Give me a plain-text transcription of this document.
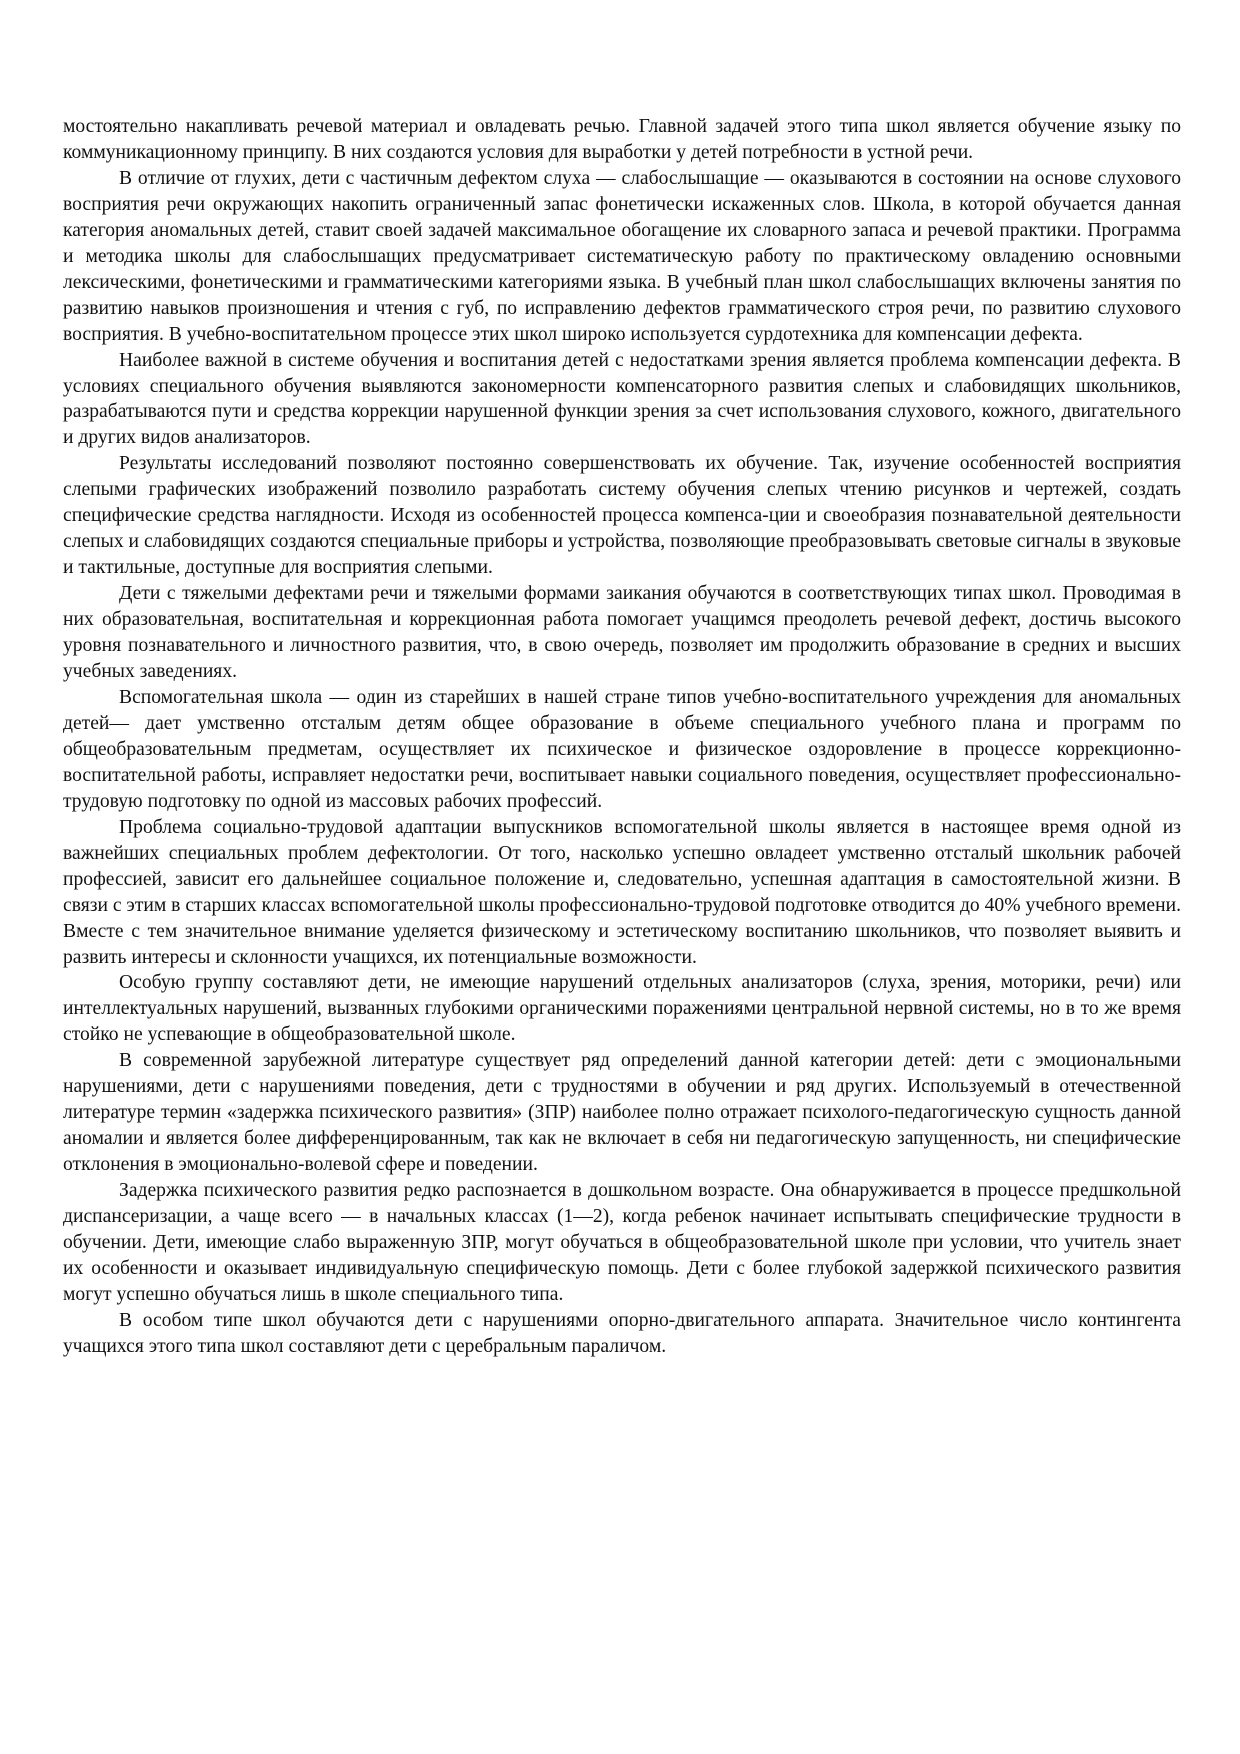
мостоятельно накапливать речевой материал и овладевать речью. Главной задачей этого типа школ является обучение языку по коммуникационному принципу. В них создаются условия для выработки у детей потребности в устной речи.

В отличие от глухих, дети с частичным дефектом слуха — слабослышащие — оказываются в состоянии на основе слухового восприятия речи окружающих накопить ограниченный запас фонетически искаженных слов. Школа, в которой обучается данная категория аномальных детей, ставит своей задачей максимальное обогащение их словарного запаса и речевой практики. Программа и методика школы для слабослышащих предусматривает систематическую работу по практическому овладению основными лексическими, фонетическими и грамматическими категориями языка. В учебный план школ слабослышащих включены занятия по развитию навыков произношения и чтения с губ, по исправлению дефектов грамматического строя речи, по развитию слухового восприятия. В учебно-воспитательном процессе этих школ широко используется сурдотехника для компенсации дефекта.

Наиболее важной в системе обучения и воспитания детей с недостатками зрения является проблема компенсации дефекта. В условиях специального обучения выявляются закономерности компенсаторного развития слепых и слабовидящих школьников, разрабатываются пути и средства коррекции нарушенной функции зрения за счет использования слухового, кожного, двигательного и других видов анализаторов.

Результаты исследований позволяют постоянно совершенствовать их обучение. Так, изучение особенностей восприятия слепыми графических изображений позволило разработать систему обучения слепых чтению рисунков и чертежей, создать специфические средства наглядности. Исходя из особенностей процесса компенса-ции и своеобразия познавательной деятельности слепых и слабовидящих создаются специальные приборы и устройства, позволяющие преобразовывать световые сигналы в звуковые и тактильные, доступные для восприятия слепыми.

Дети с тяжелыми дефектами речи и тяжелыми формами заикания обучаются в соответствующих типах школ. Проводимая в них образовательная, воспитательная и коррекционная работа помогает учащимся преодолеть речевой дефект, достичь высокого уровня познавательного и личностного развития, что, в свою очередь, позволяет им продолжить образование в средних и высших учебных заведениях.

Вспомогательная школа — один из старейших в нашей стране типов учебно-воспитательного учреждения для аномальных детей— дает умственно отсталым детям общее образование в объеме специального учебного плана и программ по общеобразовательным предметам, осуществляет их психическое и физическое оздоровление в процессе коррекционно-воспитательной работы, исправляет недостатки речи, воспитывает навыки социального поведения, осуществляет профессионально-трудовую подготовку по одной из массовых рабочих профессий.

Проблема социально-трудовой адаптации выпускников вспомогательной школы является в настоящее время одной из важнейших специальных проблем дефектологии. От того, насколько успешно овладеет умственно отсталый школьник рабочей профессией, зависит его дальнейшее социальное положение и, следовательно, успешная адаптация в самостоятельной жизни. В связи с этим в старших классах вспомогательной школы профессионально-трудовой подготовке отводится до 40% учебного времени. Вместе с тем значительное внимание уделяется физическому и эстетическому воспитанию школьников, что позволяет выявить и развить интересы и склонности учащихся, их потенциальные возможности.

Особую группу составляют дети, не имеющие нарушений отдельных анализаторов (слуха, зрения, моторики, речи) или интеллектуальных нарушений, вызванных глубокими органическими поражениями центральной нервной системы, но в то же время стойко не успевающие в общеобразовательной школе.

В современной зарубежной литературе существует ряд определений данной категории детей: дети с эмоциональными нарушениями, дети с нарушениями поведения, дети с трудностями в обучении и ряд других. Используемый в отечественной литературе термин «задержка психического развития» (ЗПР) наиболее полно отражает психолого-педагогическую сущность данной аномалии и является более дифференцированным, так как не включает в себя ни педагогическую запущенность, ни специфические отклонения в эмоционально-волевой сфере и поведении.

Задержка психического развития редко распознается в дошкольном возрасте. Она обнаруживается в процессе предшкольной диспансеризации, а чаще всего — в начальных классах (1—2), когда ребенок начинает испытывать специфические трудности в обучении. Дети, имеющие слабо выраженную ЗПР, могут обучаться в общеобразовательной школе при условии, что учитель знает их особенности и оказывает индивидуальную специфическую помощь. Дети с более глубокой задержкой психического развития могут успешно обучаться лишь в школе специального типа.

В особом типе школ обучаются дети с нарушениями опорно-двигательного аппарата. Значительное число контингента учащихся этого типа школ составляют дети с церебральным параличом.
